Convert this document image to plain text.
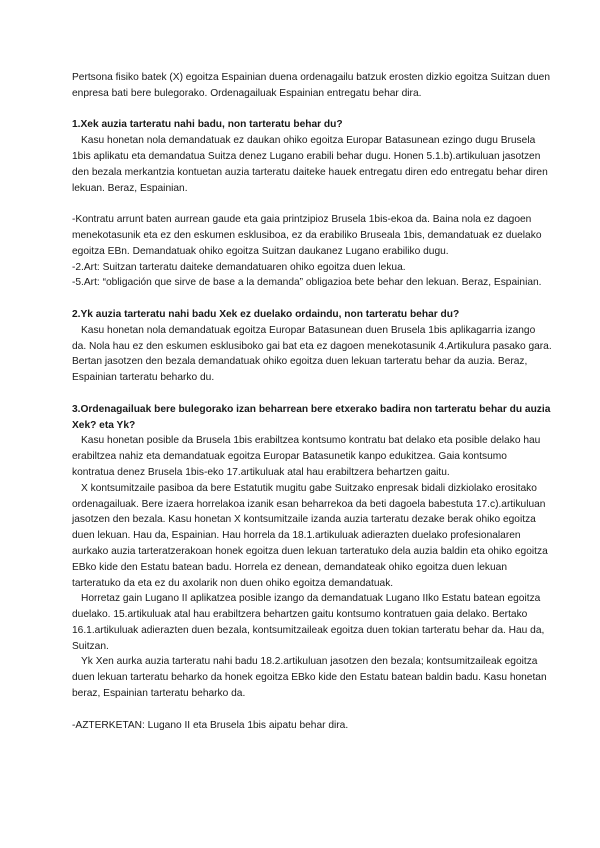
Pertsona fisiko batek (X) egoitza Espainian duena ordenagailu batzuk erosten dizkio egoitza Suitzan duen enpresa bati bere bulegorako. Ordenagailuak Espainian entregatu behar dira.

1.Xek auzia tarteratu nahi badu, non tarteratu behar du?

Kasu honetan nola demandatuak ez daukan ohiko egoitza Europar Batasunean ezingo dugu Brusela 1bis aplikatu eta demandatua Suitza denez Lugano erabili behar dugu. Honen 5.1.b).artikuluan jasotzen den bezala merkantzia kontuetan auzia tarteratu daiteke hauek entregatu diren edo entregatu behar diren lekuan. Beraz, Espainian.

-Kontratu arrunt baten aurrean gaude eta gaia printzipioz Brusela 1bis-ekoa da. Baina nola ez dagoen menekotasunik eta ez den eskumen esklusiboa, ez da erabiliko Bruseala 1bis, demandatuak ez duelako egoitza EBn. Demandatuak ohiko egoitza Suitzan daukanez Lugano erabiliko dugu.

-2.Art: Suitzan tarteratu daiteke demandatuaren ohiko egoitza duen lekua.

-5.Art: “obligación que sirve de base a la demanda” obligazioa bete behar den lekuan. Beraz, Espainian.

2.Yk auzia tarteratu nahi badu Xek ez duelako ordaindu, non tarteratu behar du?

Kasu honetan nola demandatuak egoitza Europar Batasunean duen Brusela 1bis aplikagarria izango da. Nola hau ez den eskumen esklusiboko gai bat eta ez dagoen menekotasunik 4.Artikulura pasako gara. Bertan jasotzen den bezala demandatuak ohiko egoitza duen lekuan tarteratu behar da auzia. Beraz, Espainian tarteratu beharko du.

3.Ordenagailuak bere bulegorako izan beharrean bere etxerako badira non tarteratu behar du auzia Xek? eta Yk?

Kasu honetan posible da Brusela 1bis erabiltzea kontsumo kontratu bat delako eta posible delako hau erabiltzea nahiz eta demandatuak egoitza Europar Batasunetik kanpo edukitzea. Gaia kontsumo kontratua denez Brusela 1bis-eko 17.artikuluak atal hau erabiltzera behartzen gaitu.

X kontsumitzaile pasiboa da bere Estatutik mugitu gabe Suitzako enpresak bidali dizkiolako erositako ordenagailuak. Bere izaera horrelakoa izanik esan beharrekoa da beti dagoela babestuta 17.c).artikuluan jasotzen den bezala. Kasu honetan X kontsumitzaile izanda auzia tarteratu dezake berak ohiko egoitza duen lekuan. Hau da, Espainian. Hau horrela da 18.1.artikuluak adierazten duelako profesionalaren aurkako auzia tarteratzerakoan honek egoitza duen lekuan tarteratuko dela auzia baldin eta ohiko egoitza EBko kide den Estatu batean badu. Horrela ez denean, demandateak ohiko egoitza duen lekuan tarteratuko da eta ez du axolarik non duen ohiko egoitza demandatuak.

Horretaz gain Lugano II aplikatzea posible izango da demandatuak Lugano IIko Estatu batean egoitza duelako. 15.artikuluak atal hau erabiltzera behartzen gaitu kontsumo kontratuen gaia delako. Bertako 16.1.artikuluak adierazten duen bezala, kontsumitzaileak egoitza duen tokian tarteratu behar da. Hau da, Suitzan.

Yk Xen aurka auzia tarteratu nahi badu 18.2.artikuluan jasotzen den bezala; kontsumitzaileak egoitza duen lekuan tarteratu beharko da honek egoitza EBko kide den Estatu batean baldin badu. Kasu honetan beraz, Espainian tarteratu beharko da.

-AZTERKETAN: Lugano II eta Brusela 1bis aipatu behar dira.
